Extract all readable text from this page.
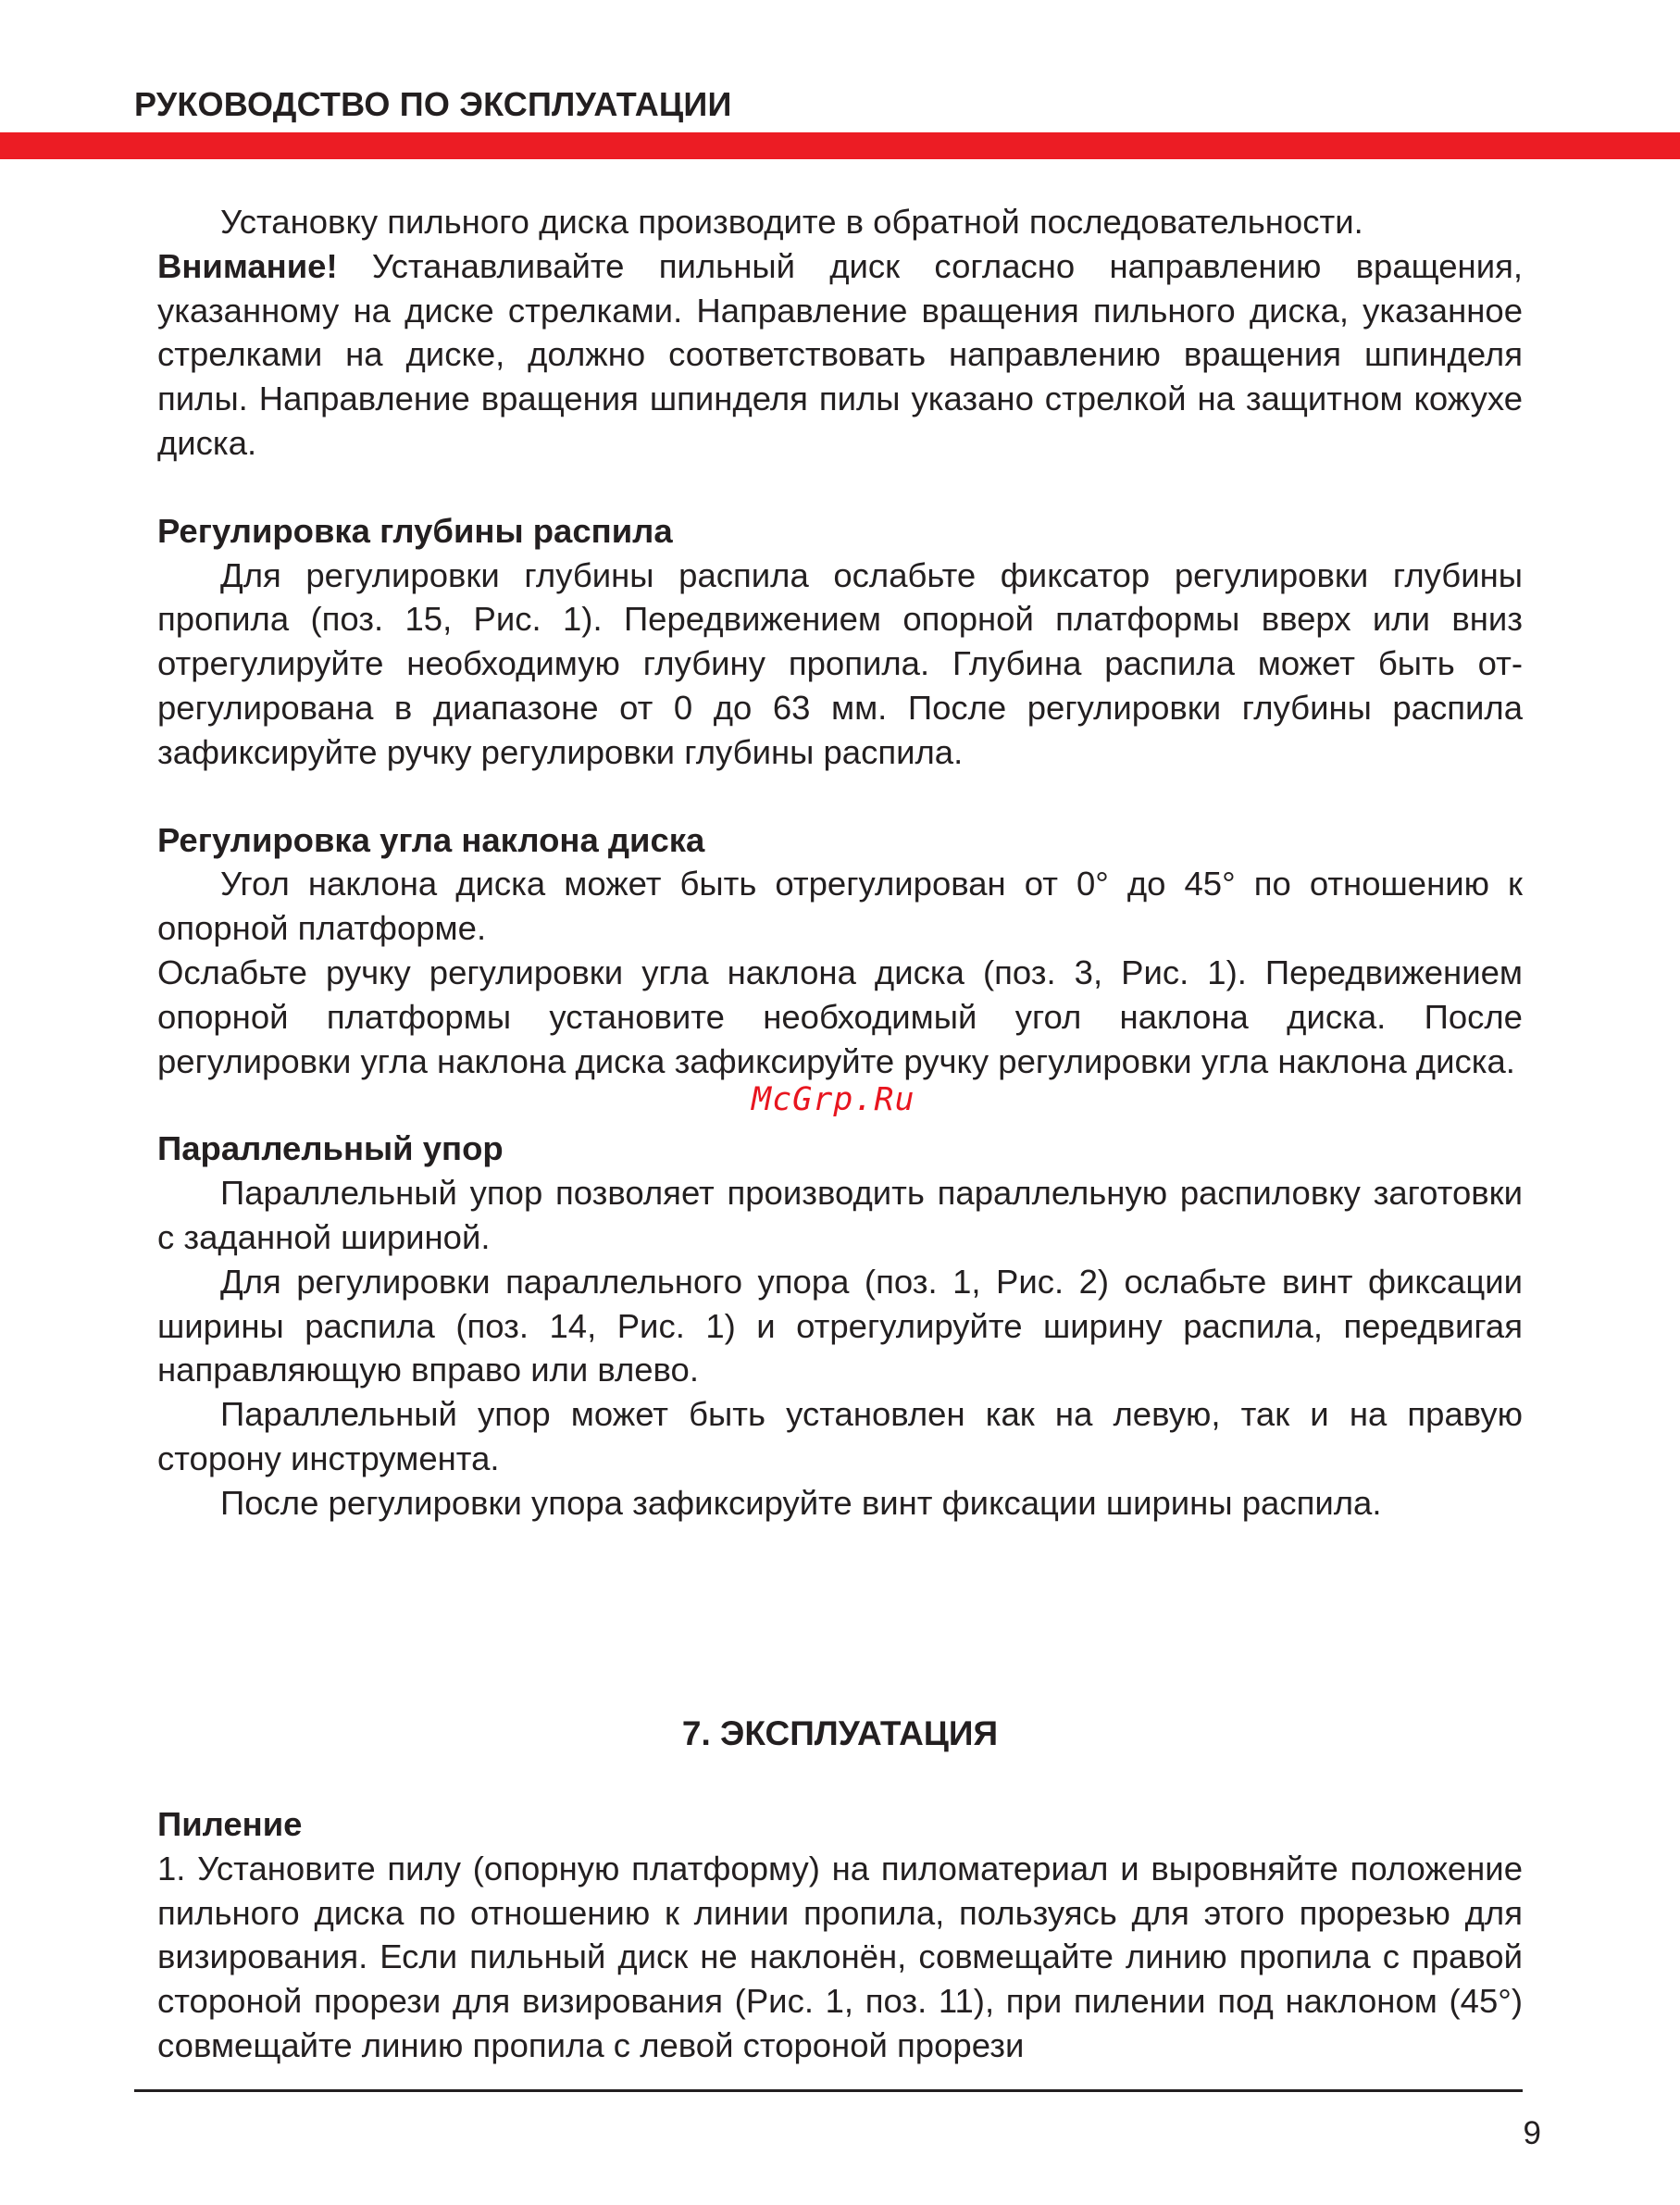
РУКОВОДСТВО ПО ЭКСПЛУАТАЦИИ

Установку пильного диска производите в обратной последовательности.

Внимание! Устанавливайте пильный диск согласно направлению вращения, указанному на диске стрелками. Направление вращения пильного диска, указанное стрелками на диске, должно соответствовать направлению вращения шпинделя пилы. Направление вращения шпинделя пилы указано стрелкой на защитном кожухе диска.

Регулировка глубины распила

Для регулировки глубины распила ослабьте фиксатор регулировки глубины пропила (поз. 15, Рис. 1). Передвижением опорной платформы вверх или вниз отрегулируйте необходимую глубину пропила. Глубина распила может быть отрегулирована в диапазоне от 0 до 63 мм. После регулировки глубины распила зафиксируйте ручку регулировки глубины распила.

Регулировка угла наклона диска

Угол наклона диска может быть отрегулирован от 0° до 45° по отношению к опорной платформе.

Ослабьте ручку регулировки угла наклона диска (поз. 3, Рис. 1). Передвижением опорной платформы установите необходимый угол наклона диска. После регулировки угла наклона диска зафиксируйте ручку регулировки угла наклона диска.

Параллельный упор

Параллельный упор позволяет производить параллельную распиловку заготовки с заданной шириной.

Для регулировки параллельного упора (поз. 1, Рис. 2) ослабьте винт фиксации ширины распила (поз. 14, Рис. 1) и отрегулируйте ширину распила, передвигая направляющую вправо или влево.

Параллельный упор может быть установлен как на левую, так и на правую сторону инструмента.

После регулировки упора зафиксируйте винт фиксации ширины распила.

McGrp.Ru
7. ЭКСПЛУАТАЦИЯ

Пиление

1. Установите пилу (опорную платформу) на пиломатериал и выровняйте положение пильного диска по отношению к линии пропила, пользуясь для этого прорезью для визирования. Если пильный диск не наклонён, совмещайте линию пропила с правой стороной прорези для визирования (Рис. 1, поз. 11), при пилении под наклоном (45°) совмещайте линию пропила с левой стороной прорези

9
